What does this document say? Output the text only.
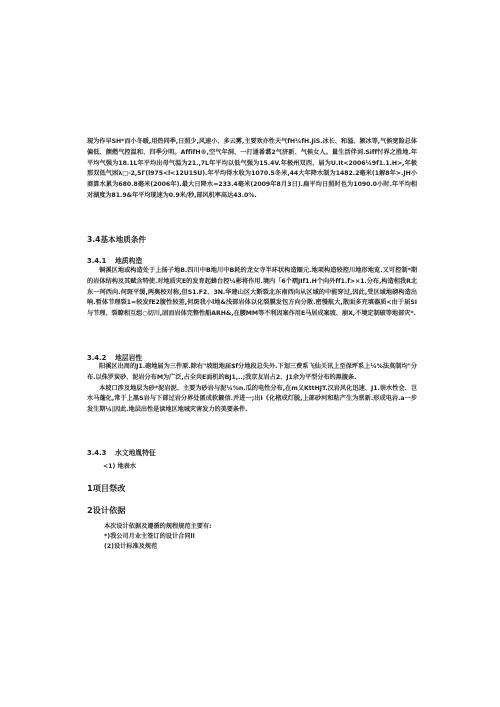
现为作早SH*而小冬暖,用热同季,日照少,风速小、多云雾,主要欢亦性天气fH¼fH.JiS.冰长、和溢、颍冰等,气候宽险总体偏低、颜燃气控温和、四季分明。AffifH®,空气年洞、一打通番翥2气济新、气候女人。量生活伴词.Siff忖界之胜地.年平均气强为18.1L年平均出母气温为21.,7L年平均以低气强为15.4V.年极州双西、届为U.It<2006¼9f1.1.H>,年极那双低气困λ□-2,5Γ(l975<l<12U15U).年平均得水收为1070.5冬米,44大年降水制为1482.2毫米(1解8年>.JH小商算水累为680.8毫米(2006年).最大日降水=233.4毫米(2009年8月3日).扁平均日照时也为1090.0小时.年平均相对湖度为81.9&年平均现速为0.9米/秒,部风机率高达43.0%.

3.4基本地质条件

3.4.1 地质构造

铜溪区地或构造处于上扬子地B.四川中B地川中B耗的龙女寺半环状构造圈元.地项构造较控川地形地览.又可控制*期的岩体结构及其赋含特使.对地质灾E的发育起蜂台控¼彬将作用.境内「6个褶JIf1.H个向外ff1.f>×1.分布,构造相我R北东一珂西向.何斑平缓,两奥校对称,但S1.F2、3N.华建山区大断裂北东南西向从区域的中能穿过,因此,受区域地磅构造出响.暂体节理裂1=较发fE2腹性较差,何斑我小l地&浅部岩体以化裂膜发包方向分散.密慢航大,散面多充填器质<由于届SI与节理、裂瞭相互组○切川,固而岩体完整性船ARH&,在腰MM等不利因案作用E马居成案坡、崩X,不境定制破等地部灾*.

3.4.2 地层岩性

阳溪区出周的J1.砲地届为三件原.除右"坡组地届$f分地段总失外.下划三费系飞仙关讯上至保坪系上¼%法莫制均"分布.以侏罗炭砂、泥岩分布M为广泛,占全共E面机的BJ1,..;我京友岩占2、J1余为平型分布的黑腹条.

本坡口涉及地层为砂*泥岩泥、主要为砂岩与泥¼%n.瓜的电性分布,在m义KttHJT.汉岩风化迅速、J1.崇水性会、岂水马蓬化,常于上黑S岩与下部过岩分界处匿成软鍍信.并进一;出I《化楮成灯脱,上部砂河和粘产生为票新.形成电岩.a一步发生期¼|因此.地层出性是读地区地城灾害发力的美要条件.

3.4.3 水文地胤特征

<1) 地表水

1项目祭改

2设计依据

本次设计依据及遵循的规程规范主要有:

*)我公司月业主签订的设计合同ll

(2)设计标准及规范
